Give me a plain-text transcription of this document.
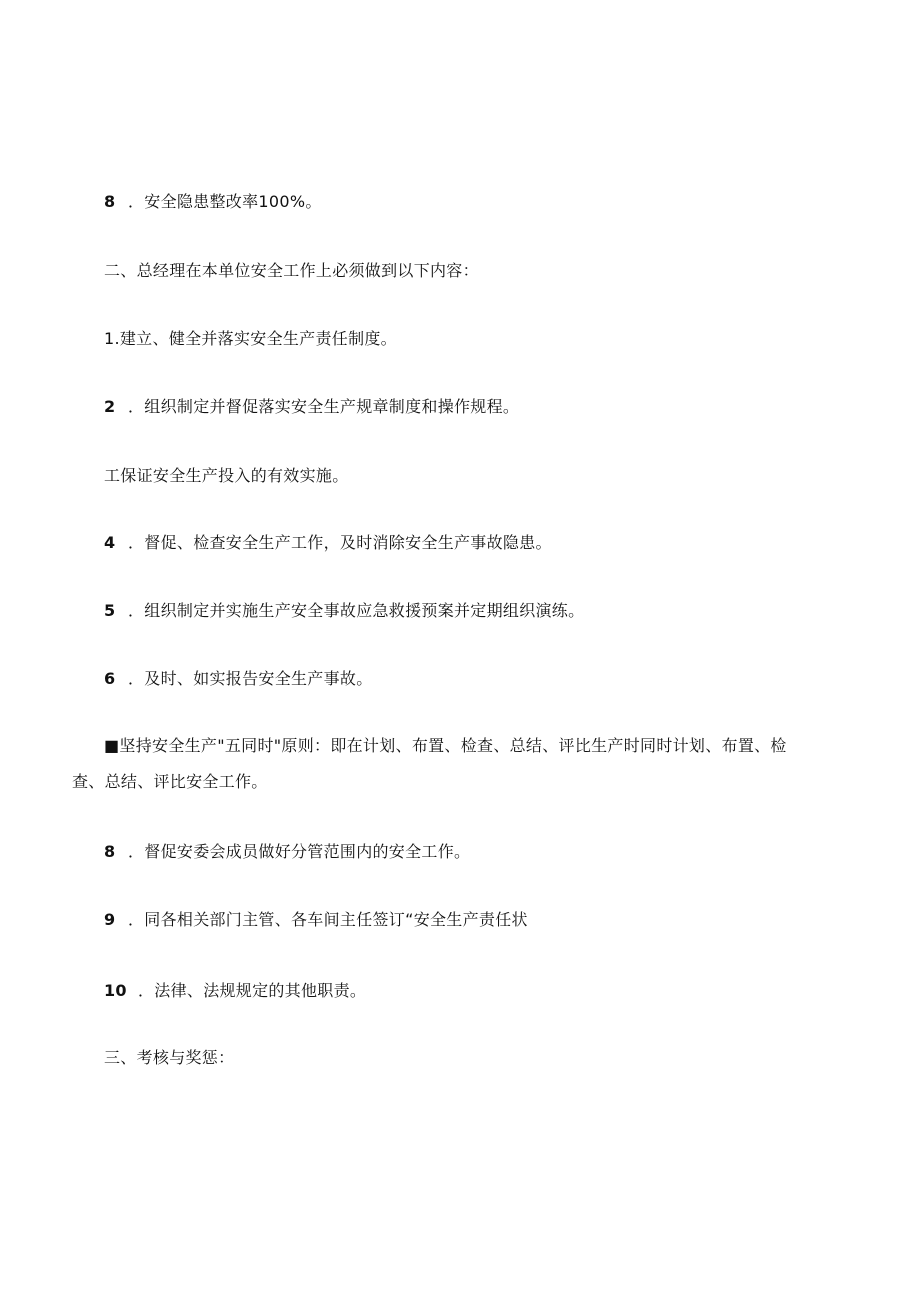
8 ．安全隐患整改率100%。
二、总经理在本单位安全工作上必须做到以下内容：
1.建立、健全并落实安全生产责任制度。
2 ．组织制定并督促落实安全生产规章制度和操作规程。
工保证安全生产投入的有效实施。
4 ．督促、检查安全生产工作，及时消除安全生产事故隐患。
5 ．组织制定并实施生产安全事故应急救援预案并定期组织演练。
6 ．及时、如实报告安全生产事故。
■坚持安全生产"五同时"原则：即在计划、布置、检查、总结、评比生产时同时计划、布置、检
查、总结、评比安全工作。
8 ．督促安委会成员做好分管范围内的安全工作。
9 ．同各相关部门主管、各车间主任签订“安全生产责任状
10 ．法律、法规规定的其他职责。
三、考核与奖惩：
